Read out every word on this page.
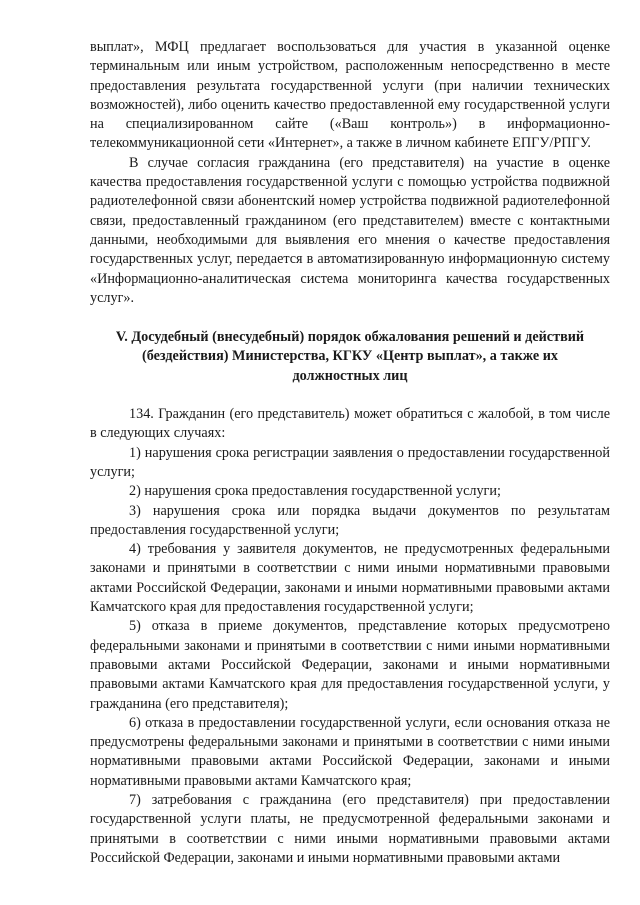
выплат», МФЦ предлагает воспользоваться для участия в указанной оценке терминальным или иным устройством, расположенным непосредственно в месте предоставления результата государственной услуги (при наличии технических возможностей), либо оценить качество предоставленной ему государственной услуги на специализированном сайте («Ваш контроль») в информационно-телекоммуникационной сети «Интернет», а также в личном кабинете ЕПГУ/РПГУ.

В случае согласия гражданина (его представителя) на участие в оценке качества предоставления государственной услуги с помощью устройства подвижной радиотелефонной связи абонентский номер устройства подвижной радиотелефонной связи, предоставленный гражданином (его представителем) вместе с контактными данными, необходимыми для выявления его мнения о качестве предоставления государственных услуг, передается в автоматизированную информационную систему «Информационно-аналитическая система мониторинга качества государственных услуг».

V. Досудебный (внесудебный) порядок обжалования решений и действий
(бездействия) Министерства, КГКУ «Центр выплат», а также их
должностных лиц

134. Гражданин (его представитель) может обратиться с жалобой, в том числе в следующих случаях:

1) нарушения срока регистрации заявления о предоставлении государственной услуги;

2) нарушения срока предоставления государственной услуги;

3) нарушения срока или порядка выдачи документов по результатам предоставления государственной услуги;

4) требования у заявителя документов, не предусмотренных федеральными законами и принятыми в соответствии с ними иными нормативными правовыми актами Российской Федерации, законами и иными нормативными правовыми актами Камчатского края для предоставления государственной услуги;

5) отказа в приеме документов, представление которых предусмотрено федеральными законами и принятыми в соответствии с ними иными нормативными правовыми актами Российской Федерации, законами и иными нормативными правовыми актами Камчатского края для предоставления государственной услуги, у гражданина (его представителя);

6) отказа в предоставлении государственной услуги, если основания отказа не предусмотрены федеральными законами и принятыми в соответствии с ними иными нормативными правовыми актами Российской Федерации, законами и иными нормативными правовыми актами Камчатского края;

7) затребования с гражданина (его представителя) при предоставлении государственной услуги платы, не предусмотренной федеральными законами и принятыми в соответствии с ними иными нормативными правовыми актами Российской Федерации, законами и иными нормативными правовыми актами
